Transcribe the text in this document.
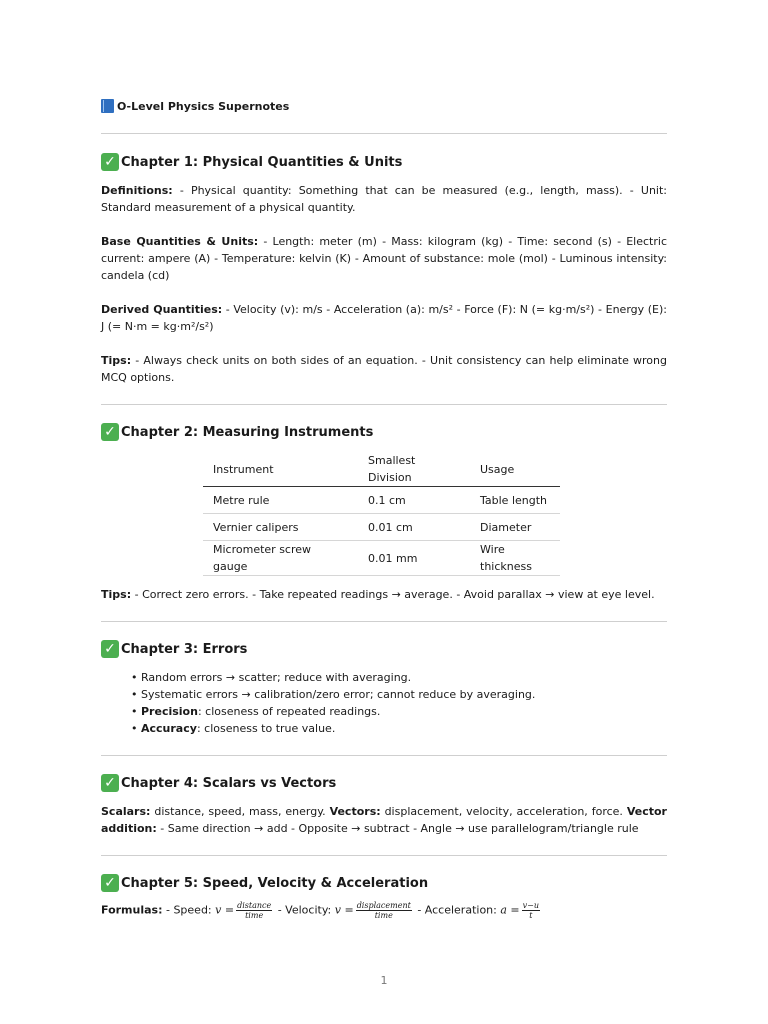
O-Level Physics Supernotes
✓ Chapter 1: Physical Quantities & Units

Definitions: - Physical quantity: Something that can be measured (e.g., length, mass). - Unit: Standard measurement of a physical quantity.

Base Quantities & Units: - Length: meter (m) - Mass: kilogram (kg) - Time: second (s) - Electric current: ampere (A) - Temperature: kelvin (K) - Amount of substance: mole (mol) - Luminous intensity: candela (cd)

Derived Quantities: - Velocity (v): m/s - Acceleration (a): m/s² - Force (F): N (= kg·m/s²) - Energy (E): J (= N·m = kg·m²/s²)

Tips: - Always check units on both sides of an equation. - Unit consistency can help eliminate wrong MCQ options.

✓ Chapter 2: Measuring Instruments
Instrument	Smallest Division	Usage
Metre rule	0.1 cm	Table length
Vernier calipers	0.01 cm	Diameter
Micrometer screw gauge	0.01 mm	Wire thickness

Tips: - Correct zero errors. - Take repeated readings → average. - Avoid parallax → view at eye level.

✓ Chapter 3: Errors
• Random errors → scatter; reduce with averaging.
• Systematic errors → calibration/zero error; cannot reduce by averaging.
• Precision: closeness of repeated readings.
• Accuracy: closeness to true value.
✓ Chapter 4: Scalars vs Vectors

Scalars: distance, speed, mass, energy. Vectors: displacement, velocity, acceleration, force. Vector addition: - Same direction → add - Opposite → subtract - Angle → use parallelogram/triangle rule

✓ Chapter 5: Speed, Velocity & Acceleration

Formulas: - Speed: $v = \frac{\text{distance}}{\text{time}}$ - Velocity: $v = \frac{\text{displacement}}{\text{time}}$ - Acceleration: $a = \frac{v-u}{t}$

1
